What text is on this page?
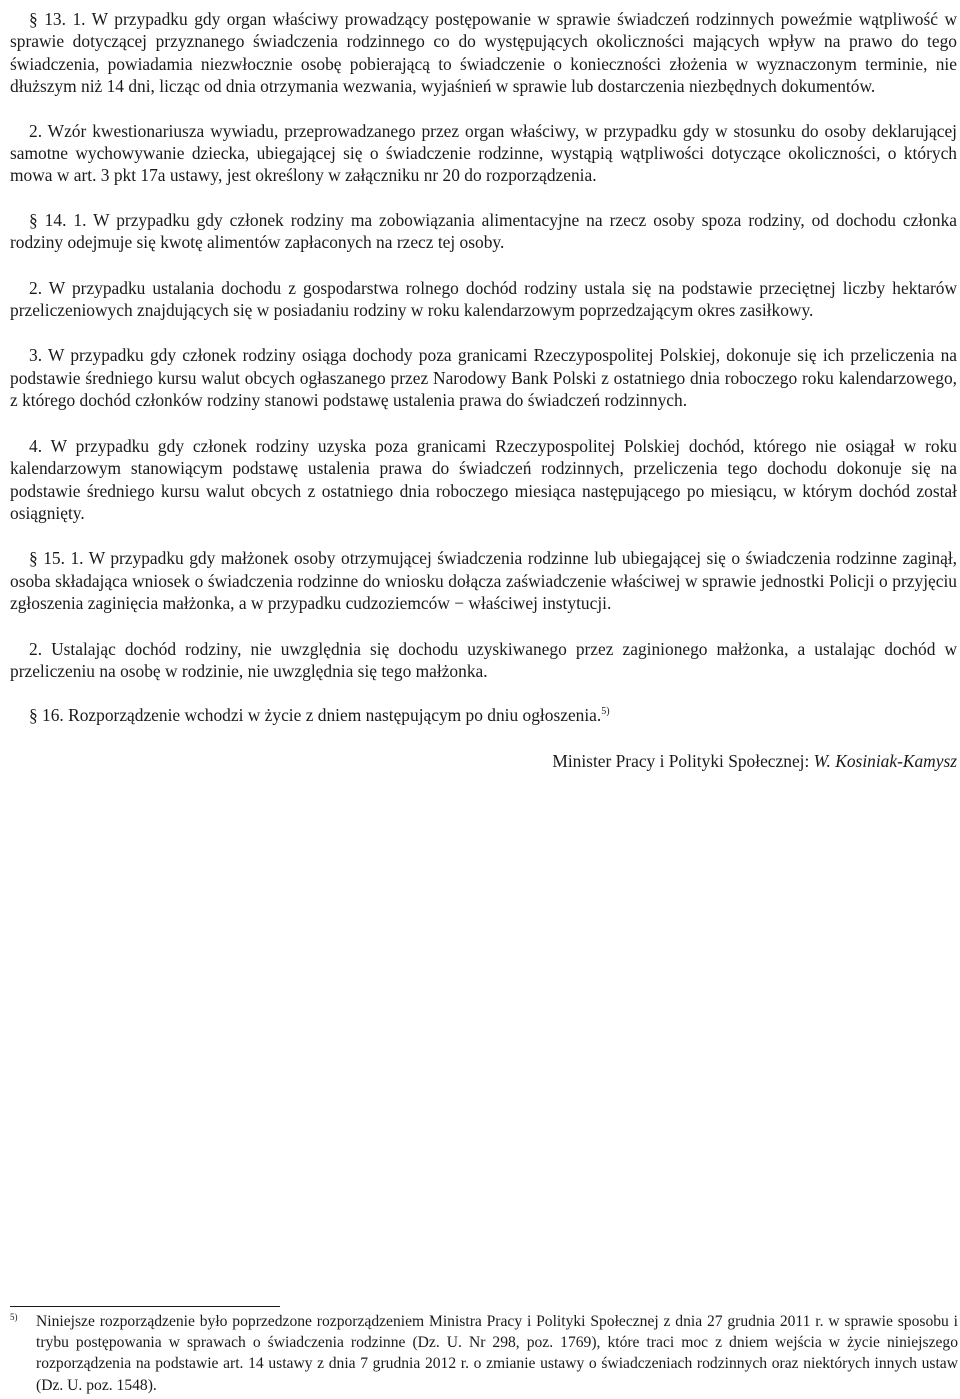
§ 13. 1. W przypadku gdy organ właściwy prowadzący postępowanie w sprawie świadczeń rodzinnych poweźmie wątpliwość w sprawie dotyczącej przyznanego świadczenia rodzinnego co do występujących okoliczności mających wpływ na prawo do tego świadczenia, powiadamia niezwłocznie osobę pobierającą to świadczenie o konieczności złożenia w wyznaczonym terminie, nie dłuższym niż 14 dni, licząc od dnia otrzymania wezwania, wyjaśnień w sprawie lub dostarczenia niezbędnych dokumentów.

2. Wzór kwestionariusza wywiadu, przeprowadzanego przez organ właściwy, w przypadku gdy w stosunku do osoby deklarującej samotne wychowywanie dziecka, ubiegającej się o świadczenie rodzinne, wystąpią wątpliwości dotyczące okoliczności, o których mowa w art. 3 pkt 17a ustawy, jest określony w załączniku nr 20 do rozporządzenia.

§ 14. 1. W przypadku gdy członek rodziny ma zobowiązania alimentacyjne na rzecz osoby spoza rodziny, od dochodu członka rodziny odejmuje się kwotę alimentów zapłaconych na rzecz tej osoby.

2. W przypadku ustalania dochodu z gospodarstwa rolnego dochód rodziny ustala się na podstawie przeciętnej liczby hektarów przeliczeniowych znajdujących się w posiadaniu rodziny w roku kalendarzowym poprzedzającym okres zasiłkowy.

3. W przypadku gdy członek rodziny osiąga dochody poza granicami Rzeczypospolitej Polskiej, dokonuje się ich przeliczenia na podstawie średniego kursu walut obcych ogłaszanego przez Narodowy Bank Polski z ostatniego dnia roboczego roku kalendarzowego, z którego dochód członków rodziny stanowi podstawę ustalenia prawa do świadczeń rodzinnych.

4. W przypadku gdy członek rodziny uzyska poza granicami Rzeczypospolitej Polskiej dochód, którego nie osiągał w roku kalendarzowym stanowiącym podstawę ustalenia prawa do świadczeń rodzinnych, przeliczenia tego dochodu dokonuje się na podstawie średniego kursu walut obcych z ostatniego dnia roboczego miesiąca następującego po miesiącu, w którym dochód został osiągnięty.

§ 15. 1. W przypadku gdy małżonek osoby otrzymującej świadczenia rodzinne lub ubiegającej się o świadczenia rodzinne zaginął, osoba składająca wniosek o świadczenia rodzinne do wniosku dołącza zaświadczenie właściwej w sprawie jednostki Policji o przyjęciu zgłoszenia zaginięcia małżonka, a w przypadku cudzoziemców − właściwej instytucji.

2. Ustalając dochód rodziny, nie uwzględnia się dochodu uzyskiwanego przez zaginionego małżonka, a ustalając dochód w przeliczeniu na osobę w rodzinie, nie uwzględnia się tego małżonka.

§ 16. Rozporządzenie wchodzi w życie z dniem następującym po dniu ogłoszenia.$^{5)}$

Minister Pracy i Polityki Społecznej: W. Kosiniak-Kamysz

$^{5)}$	Niniejsze rozporządzenie było poprzedzone rozporządzeniem Ministra Pracy i Polityki Społecznej z dnia 27 grudnia 2011 r. w sprawie sposobu i trybu postępowania w sprawach o świadczenia rodzinne (Dz. U. Nr 298, poz. 1769), które traci moc z dniem wejścia w życie niniejszego rozporządzenia na podstawie art. 14 ustawy z dnia 7 grudnia 2012 r. o zmianie ustawy o świadczeniach rodzinnych oraz niektórych innych ustaw (Dz. U. poz. 1548).
